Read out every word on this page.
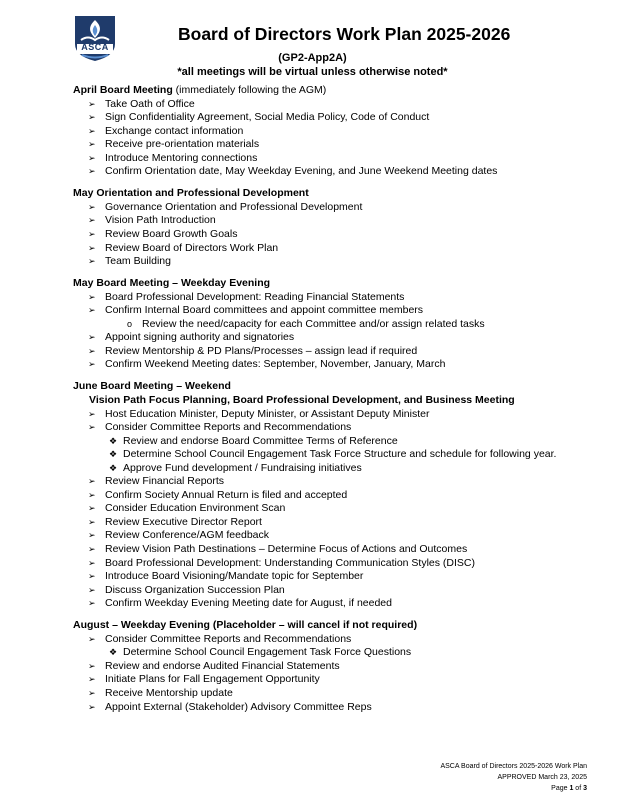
ASCA
Board of Directors Work Plan 2025-2026
(GP2-App2A)
*all meetings will be virtual unless otherwise noted*
April Board Meeting (immediately following the AGM)
➢ Take Oath of Office
➢ Sign Confidentiality Agreement, Social Media Policy, Code of Conduct
➢ Exchange contact information
➢ Receive pre-orientation materials
➢ Introduce Mentoring connections
➢ Confirm Orientation date, May Weekday Evening, and June Weekend Meeting dates
May Orientation and Professional Development
➢ Governance Orientation and Professional Development
➢ Vision Path Introduction
➢ Review Board Growth Goals
➢ Review Board of Directors Work Plan
➢ Team Building
May Board Meeting – Weekday Evening
➢ Board Professional Development: Reading Financial Statements
➢ Confirm Internal Board committees and appoint committee members
o Review the need/capacity for each Committee and/or assign related tasks
➢ Appoint signing authority and signatories
➢ Review Mentorship & PD Plans/Processes – assign lead if required
➢ Confirm Weekend Meeting dates: September, November, January, March
June Board Meeting – Weekend
Vision Path Focus Planning, Board Professional Development, and Business Meeting
➢ Host Education Minister, Deputy Minister, or Assistant Deputy Minister
➢ Consider Committee Reports and Recommendations
❖ Review and endorse Board Committee Terms of Reference
❖ Determine School Council Engagement Task Force Structure and schedule for following year.
❖ Approve Fund development / Fundraising initiatives
➢ Review Financial Reports
➢ Confirm Society Annual Return is filed and accepted
➢ Consider Education Environment Scan
➢ Review Executive Director Report
➢ Review Conference/AGM feedback
➢ Review Vision Path Destinations – Determine Focus of Actions and Outcomes
➢ Board Professional Development: Understanding Communication Styles (DISC)
➢ Introduce Board Visioning/Mandate topic for September
➢ Discuss Organization Succession Plan
➢ Confirm Weekday Evening Meeting date for August, if needed
August – Weekday Evening (Placeholder – will cancel if not required)
➢ Consider Committee Reports and Recommendations
❖ Determine School Council Engagement Task Force Questions
➢ Review and endorse Audited Financial Statements
➢ Initiate Plans for Fall Engagement Opportunity
➢ Receive Mentorship update
➢ Appoint External (Stakeholder) Advisory Committee Reps
ASCA Board of Directors 2025-2026 Work Plan
APPROVED March 23, 2025
Page 1 of 3
